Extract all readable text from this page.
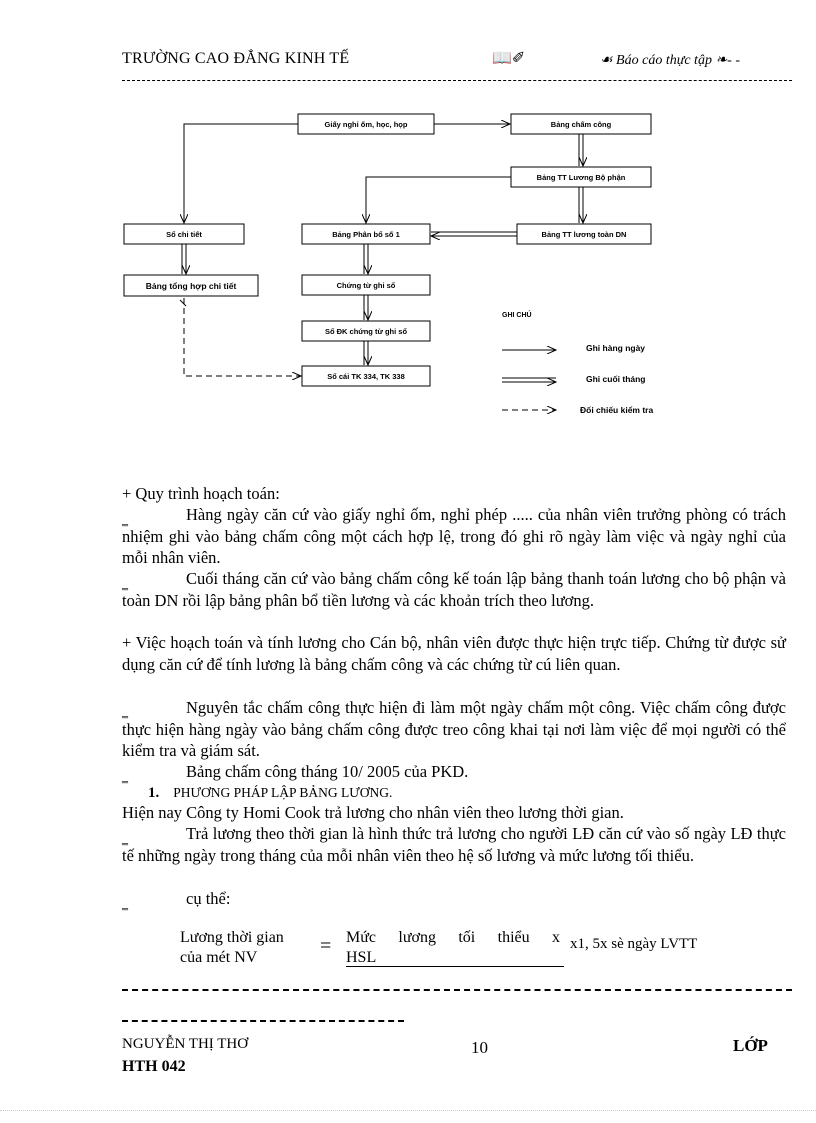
TRƯỜNG CAO ĐẲNG KINH TẾ	📖✐	☙ Báo cáo thực tập ❧- -
Giấy nghỉ ốm, học, họp	Bảng chấm công
Bảng TT Lương Bộ phận
Sổ chi tiết	Bảng Phân bổ số 1	Bảng TT lương toàn DN
Bảng tổng hợp chi tiết	Chứng từ ghi sổ
Sổ ĐK chứng từ ghi sổ
Sổ cái TK 334, TK 338
GHI CHÚ
Ghi hàng ngày
Ghi cuối tháng
Đối chiếu kiểm tra
+ Quy trình hoạch toán:
‗	Hàng ngày căn cứ vào giấy nghỉ ốm, nghỉ phép ..... của nhân viên trưởng phòng có trách nhiệm ghi vào bảng chấm công một cách hợp lệ, trong đó ghi rõ ngày làm việc và ngày nghỉ của mỗi nhân viên.
‗	Cuối tháng căn cứ vào bảng chấm công kế toán lập bảng thanh toán lương cho bộ phận và toàn DN rồi lập bảng phân bổ tiền lương và các khoản trích theo lương.
+ Việc hoạch toán và tính lương cho Cán bộ, nhân viên được thực hiện trực tiếp. Chứng từ được sử dụng căn cứ để tính lương là bảng chấm công và các chứng từ cú liên quan.
‗	Nguyên tắc chấm công thực hiện đi làm một ngày chấm một công. Việc chấm công được thực hiện hàng ngày vào bảng chấm công được treo công khai tại nơi làm việc để mọi người có thể kiểm tra và giám sát.
‗	Bảng chấm công tháng 10/ 2005 của PKD.
1. PHƯƠNG PHÁP LẬP BẢNG LƯƠNG.
Hiện nay Công ty Homi Cook trả lương cho nhân viên theo lương thời gian.
‗	Trả lương theo thời gian là hình thức trả lương cho người LĐ căn cứ vào số ngày LĐ thực tế những ngày trong tháng của mỗi nhân viên theo hệ số lương và mức lương tối thiểu.
‗	cụ thể:
Lương thời gian
của mét NV
= Mức lương tối thiểu x
HSL
x1, 5x sè ngày LVTT
NGUYỄN THỊ THƠ	10	LỚP
HTH 042
